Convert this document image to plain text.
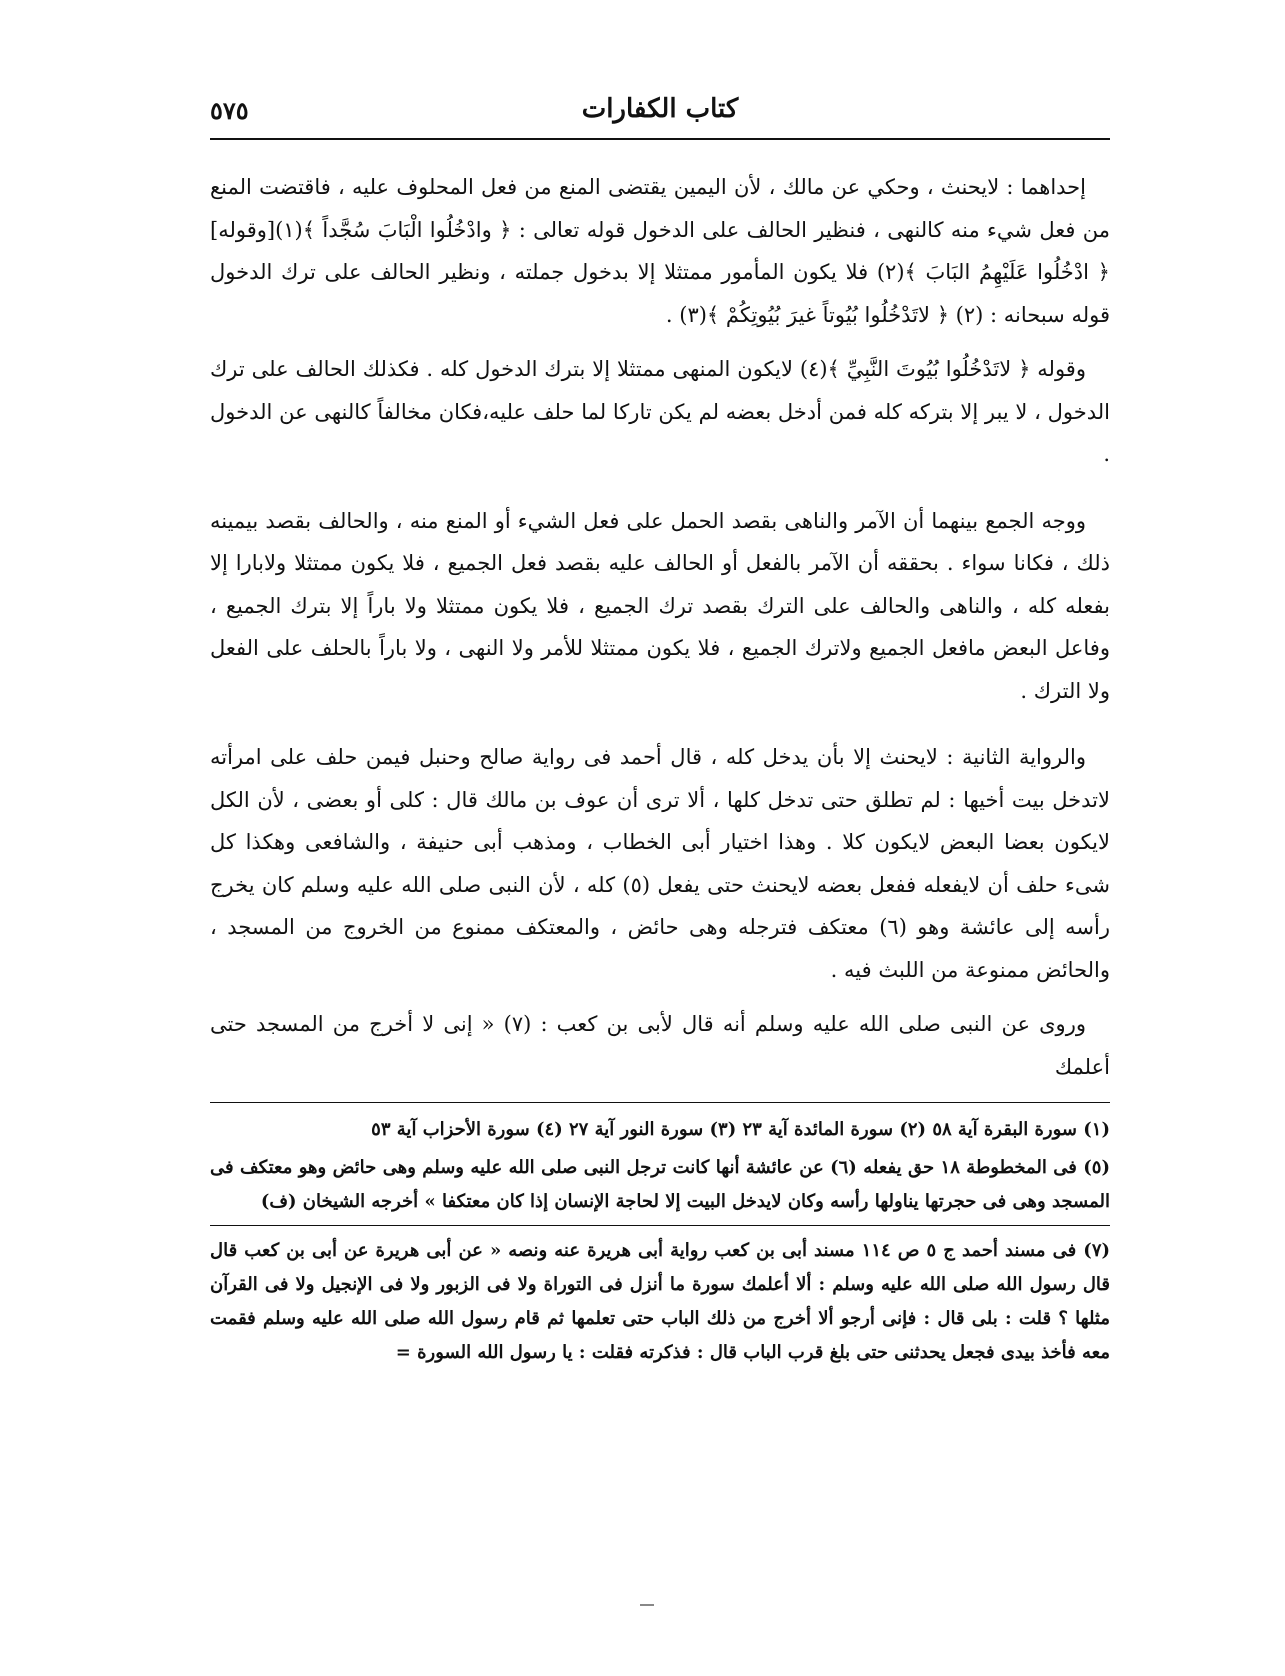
كتاب الكفارات
٥٧٥

إحداهما : لايحنث ، وحكي عن مالك ، لأن اليمين يقتضى المنع من فعل المحلوف عليه ، فاقتضت المنع من فعل شيء منه كالنهى ، فنظير الحالف على الدخول قوله تعالى : ﴿ وادْخُلُوا الْبَابَ سُجَّداً ﴾(١)[وقوله] ﴿ ادْخُلُوا عَلَيْهِمُ البَابَ ﴾(٢) فلا يكون المأمور ممتثلا إلا بدخول جملته ، ونظير الحالف على ترك الدخول قوله سبحانه : (٢) ﴿ لاتَدْخُلُوا بُيُوتاً غيرَ بُيُوتِكُمْ ﴾(٣) .

وقوله ﴿ لاتَدْخُلُوا بُيُوتَ النَّبِيِّ ﴾(٤) لايكون المنهى ممتثلا إلا بترك الدخول كله . فكذلك الحالف على ترك الدخول ، لا يبر إلا بتركه كله فمن أدخل بعضه لم يكن تاركا لما حلف عليه،فكان مخالفاً كالنهى عن الدخول .

ووجه الجمع بينهما أن الآمر والناهى بقصد الحمل على فعل الشيء أو المنع منه ، والحالف بقصد بيمينه ذلك ، فكانا سواء . بحققه أن الآمر بالفعل أو الحالف عليه بقصد فعل الجميع ، فلا يكون ممتثلا ولابارا إلا بفعله كله ، والناهى والحالف على الترك بقصد ترك الجميع ، فلا يكون ممتثلا ولا باراً إلا بترك الجميع ، وفاعل البعض مافعل الجميع ولاترك الجميع ، فلا يكون ممتثلا للأمر ولا النهى ، ولا باراً بالحلف على الفعل ولا الترك .

والرواية الثانية : لايحنث إلا بأن يدخل كله ، قال أحمد فى رواية صالح وحنبل فيمن حلف على امرأته لاتدخل بيت أخيها : لم تطلق حتى تدخل كلها ، ألا ترى أن عوف بن مالك قال : كلى أو بعضى ، لأن الكل لايكون بعضا البعض لايكون كلا . وهذا اختيار أبى الخطاب ، ومذهب أبى حنيفة ، والشافعى وهكذا كل شىء حلف أن لايفعله ففعل بعضه لايحنث حتى يفعل (٥) كله ، لأن النبى صلى الله عليه وسلم كان يخرج رأسه إلى عائشة وهو (٦) معتكف فترجله وهى حائض ، والمعتكف ممنوع من الخروج من المسجد ، والحائض ممنوعة من اللبث فيه .

وروى عن النبى صلى الله عليه وسلم أنه قال لأبى بن كعب : (٧) « إنى لا أخرج من المسجد حتى أعلمك

(١) سورة البقرة آية ٥٨ (٢) سورة المائدة آية ٢٣ (٣) سورة النور آية ٢٧ (٤) سورة الأحزاب آية ٥٣

(٥) فى المخطوطة ١٨ حق يفعله (٦) عن عائشة أنها كانت ترجل النبى صلى الله عليه وسلم وهى حائض وهو معتكف فى المسجد وهى فى حجرتها يناولها رأسه وكان لايدخل البيت إلا لحاجة الإنسان إذا كان معتكفا » أخرجه الشيخان (ف)

(٧) فى مسند أحمد ج ٥ ص ١١٤ مسند أبى بن كعب رواية أبى هريرة عنه ونصه « عن أبى هريرة عن أبى بن كعب قال قال رسول الله صلى الله عليه وسلم : ألا أعلمك سورة ما أنزل فى التوراة ولا فى الزبور ولا فى الإنجيل ولا فى القرآن مثلها ؟ قلت : بلى قال : فإنى أرجو ألا أخرج من ذلك الباب حتى تعلمها ثم قام رسول الله صلى الله عليه وسلم فقمت معه فأخذ بيدى فجعل يحدثنى حتى بلغ قرب الباب قال : فذكرته فقلت : يا رسول الله السورة =
